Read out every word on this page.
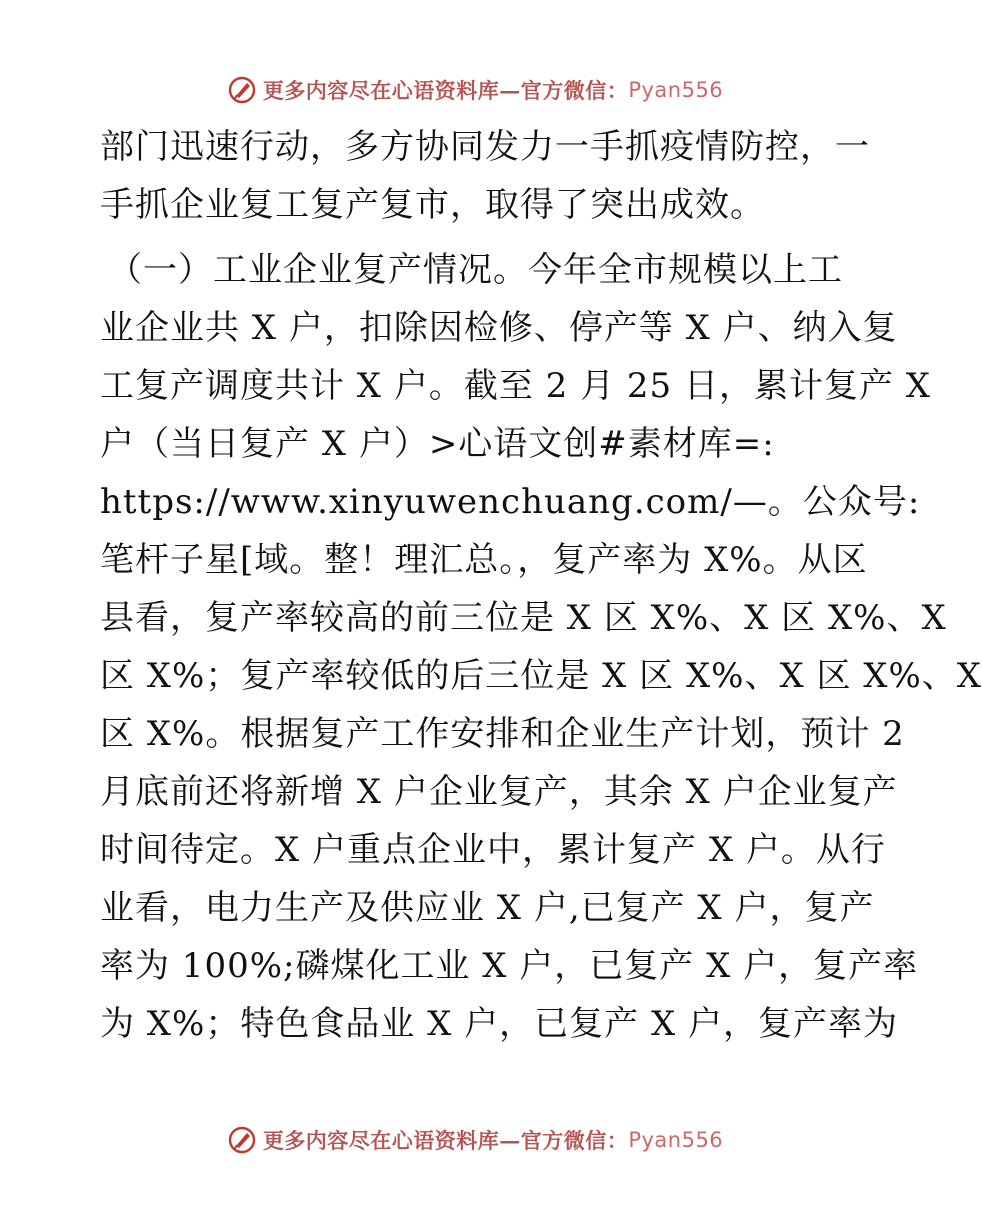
更多内容尽在心语资料库—官方微信： Pyan556
部门迅速行动，多方协同发力一手抓疫情防控，一
手抓企业复工复产复市，取得了突出成效。
（一）工业企业复产情况。今年全市规模以上工
业企业共 X 户，扣除因检修、停产等 X 户、纳入复
工复产调度共计 X 户。截至 2 月 25 日，累计复产 X
户（当日复产 X 户）>心语文创#素材库=:
https://www.xinyuwenchuang.com/—。公众号:
笔杆子星[域。整！理汇总。，复产率为 X%。从区
县看，复产率较高的前三位是 X 区 X%、X 区 X%、X
区 X%；复产率较低的后三位是 X 区 X%、X 区 X%、X
区 X%。根据复产工作安排和企业生产计划，预计 2
月底前还将新增 X 户企业复产，其余 X 户企业复产
时间待定。X 户重点企业中，累计复产 X 户。从行
业看，电力生产及供应业 X 户,已复产 X 户，复产
率为 100%;磷煤化工业 X 户，已复产 X 户，复产率
为 X%；特色食品业 X 户，已复产 X 户，复产率为
更多内容尽在心语资料库—官方微信： Pyan556
